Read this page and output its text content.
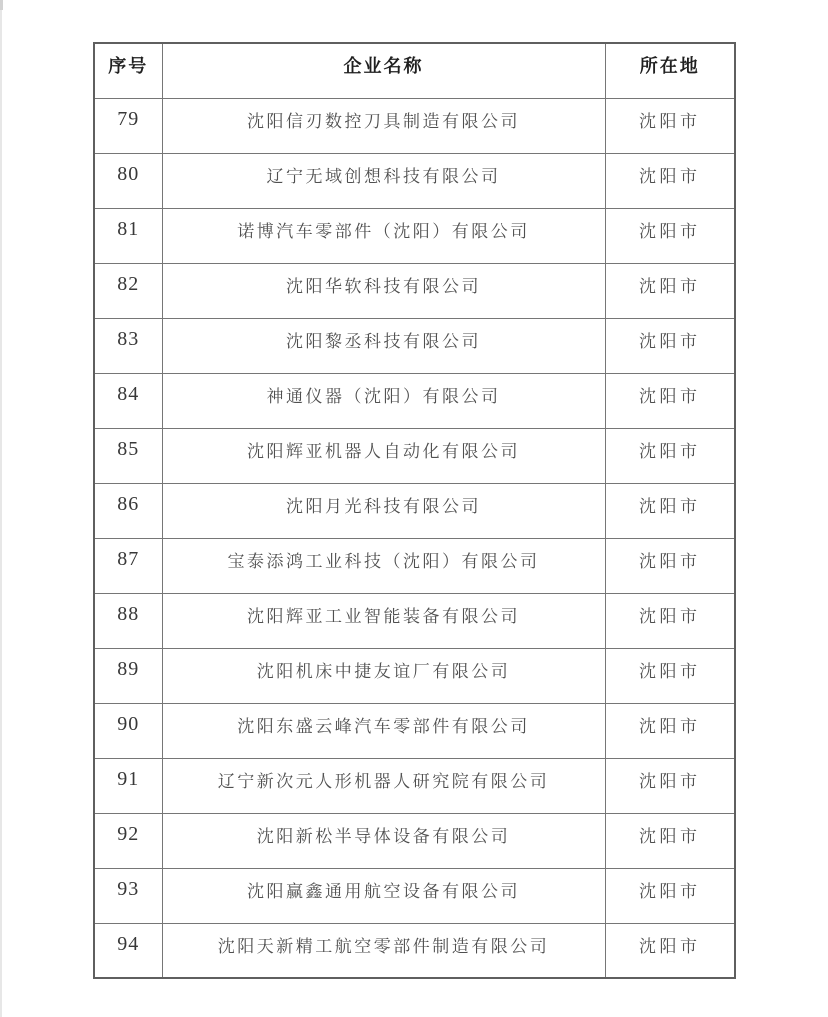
序号	企业名称	所在地
79	沈阳信刃数控刀具制造有限公司	沈阳市
80	辽宁无域创想科技有限公司	沈阳市
81	诺博汽车零部件（沈阳）有限公司	沈阳市
82	沈阳华软科技有限公司	沈阳市
83	沈阳黎丞科技有限公司	沈阳市
84	神通仪器（沈阳）有限公司	沈阳市
85	沈阳辉亚机器人自动化有限公司	沈阳市
86	沈阳月光科技有限公司	沈阳市
87	宝泰添鸿工业科技（沈阳）有限公司	沈阳市
88	沈阳辉亚工业智能装备有限公司	沈阳市
89	沈阳机床中捷友谊厂有限公司	沈阳市
90	沈阳东盛云峰汽车零部件有限公司	沈阳市
91	辽宁新次元人形机器人研究院有限公司	沈阳市
92	沈阳新松半导体设备有限公司	沈阳市
93	沈阳赢鑫通用航空设备有限公司	沈阳市
94	沈阳天新精工航空零部件制造有限公司	沈阳市
